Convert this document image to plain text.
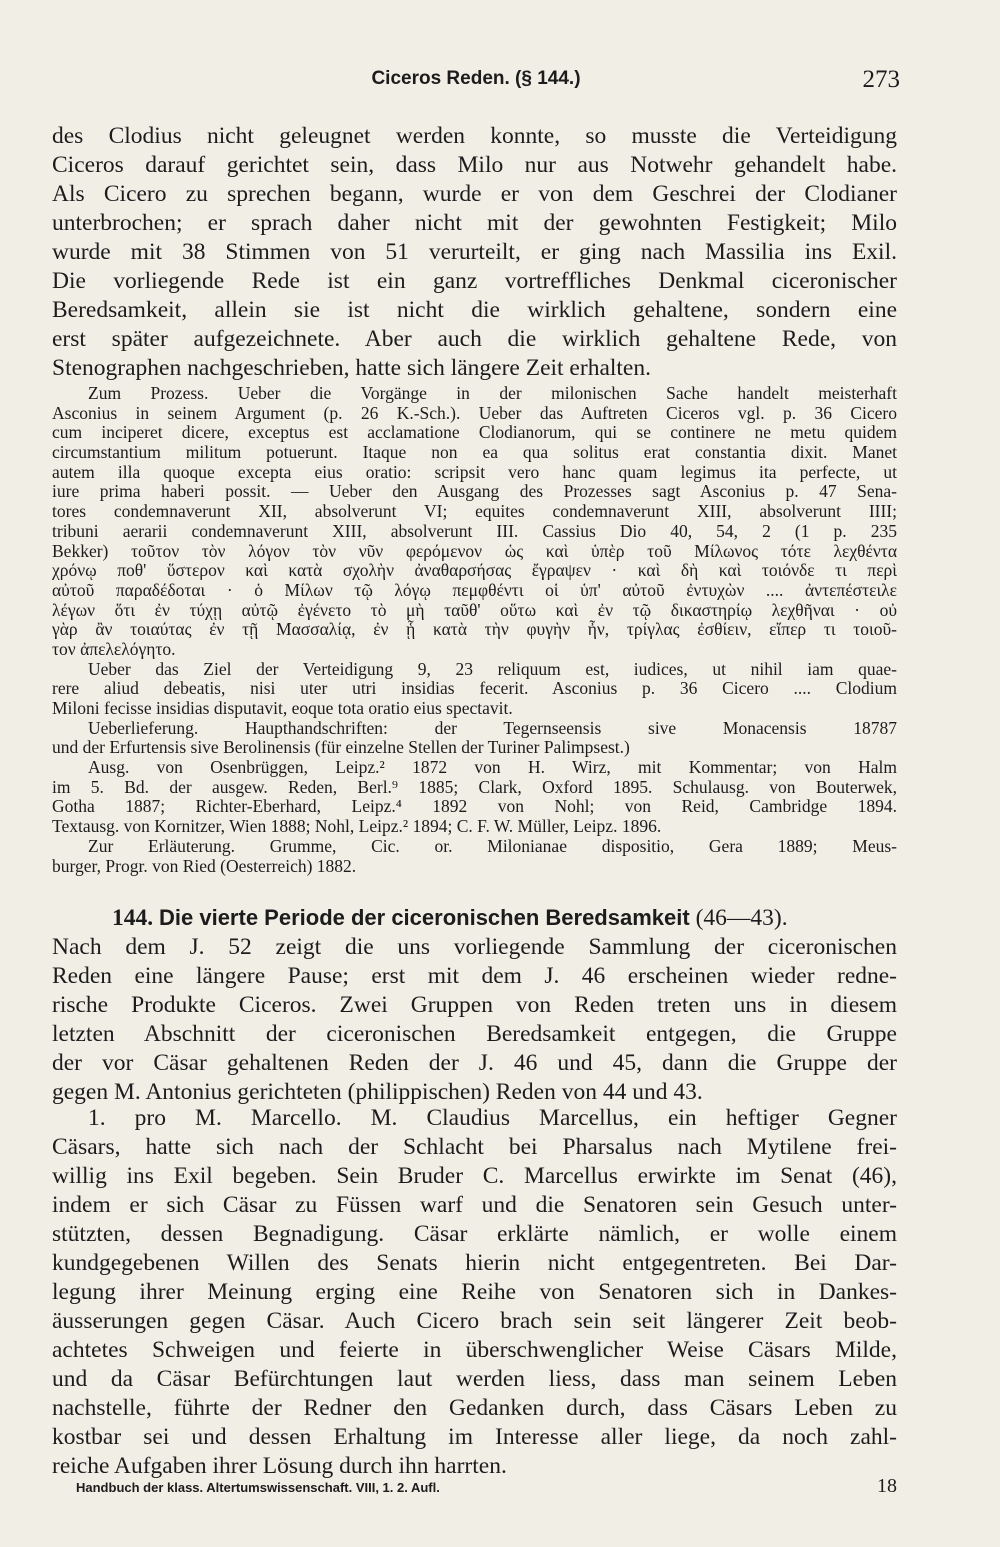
Ciceros Reden. (§ 144.)	273
des Clodius nicht geleugnet werden konnte, so musste die Verteidigung
Ciceros darauf gerichtet sein, dass Milo nur aus Notwehr gehandelt habe.
Als Cicero zu sprechen begann, wurde er von dem Geschrei der Clodianer
unterbrochen; er sprach daher nicht mit der gewohnten Festigkeit; Milo
wurde mit 38 Stimmen von 51 verurteilt, er ging nach Massilia ins Exil.
Die vorliegende Rede ist ein ganz vortreffliches Denkmal ciceronischer
Beredsamkeit, allein sie ist nicht die wirklich gehaltene, sondern eine
erst später aufgezeichnete. Aber auch die wirklich gehaltene Rede, von
Stenographen nachgeschrieben, hatte sich längere Zeit erhalten.
Zum Prozess. Ueber die Vorgänge in der milonischen Sache handelt meisterhaft
Asconius in seinem Argument (p. 26 K.-Sch.). Ueber das Auftreten Ciceros vgl. p. 36 Cicero
cum inciperet dicere, exceptus est acclamatione Clodianorum, qui se continere ne metu quidem
circumstantium militum potuerunt. Itaque non ea qua solitus erat constantia dixit. Manet
autem illa quoque excepta eius oratio: scripsit vero hanc quam legimus ita perfecte, ut
iure prima haberi possit. — Ueber den Ausgang des Prozesses sagt Asconius p. 47 Sena-
tores condemnaverunt XII, absolverunt VI; equites condemnaverunt XIII, absolverunt IIII;
tribuni aerarii condemnaverunt XIII, absolverunt III. Cassius Dio 40, 54, 2 (1 p. 235
Bekker) τοῦτον τὸν λόγον τὸν νῦν φερόμενον ὡς καὶ ὑπὲρ τοῦ Μίλωνος τότε λεχθέντα
χρόνῳ ποθ' ὕστερον καὶ κατὰ σχολὴν ἀναθαρσήσας ἔγραψεν · καὶ δὴ καὶ τοιόνδε τι περὶ
αὐτοῦ παραδέδοται · ὁ Μίλων τῷ λόγῳ πεμφθέντι οἱ ὑπ' αὐτοῦ ἐντυχὼν .... ἀντεπέστειλε
λέγων ὅτι ἐν τύχῃ αὐτῷ ἐγένετο τὸ μὴ ταῦθ' οὕτω καὶ ἐν τῷ δικαστηρίῳ λεχθῆναι · οὐ
γὰρ ἂν τοιαύτας ἐν τῇ Μασσαλίᾳ, ἐν ᾗ κατὰ τὴν φυγὴν ἦν, τρίγλας ἐσθίειν, εἴπερ τι τοιοῦ-
τον ἀπελελόγητο.
Ueber das Ziel der Verteidigung 9, 23 reliquum est, iudices, ut nihil iam quae-
rere aliud debeatis, nisi uter utri insidias fecerit. Asconius p. 36 Cicero .... Clodium
Miloni fecisse insidias disputavit, eoque tota oratio eius spectavit.
Ueberlieferung. Haupthandschriften: der Tegernseensis sive Monacensis 18787
und der Erfurtensis sive Berolinensis (für einzelne Stellen der Turiner Palimpsest.)
Ausg. von Osenbrüggen, Leipz.² 1872 von H. Wirz, mit Kommentar; von Halm
im 5. Bd. der ausgew. Reden, Berl.⁹ 1885; Clark, Oxford 1895. Schulausg. von Bouterwek,
Gotha 1887; Richter-Eberhard, Leipz.⁴ 1892 von Nohl; von Reid, Cambridge 1894.
Textausg. von Kornitzer, Wien 1888; Nohl, Leipz.² 1894; C. F. W. Müller, Leipz. 1896.
Zur Erläuterung. Grumme, Cic. or. Milonianae dispositio, Gera 1889; Meus-
burger, Progr. von Ried (Oesterreich) 1882.
144. Die vierte Periode der ciceronischen Beredsamkeit (46—43).
Nach dem J. 52 zeigt die uns vorliegende Sammlung der ciceronischen
Reden eine längere Pause; erst mit dem J. 46 erscheinen wieder redne-
rische Produkte Ciceros. Zwei Gruppen von Reden treten uns in diesem
letzten Abschnitt der ciceronischen Beredsamkeit entgegen, die Gruppe
der vor Cäsar gehaltenen Reden der J. 46 und 45, dann die Gruppe der
gegen M. Antonius gerichteten (philippischen) Reden von 44 und 43.
1. pro M. Marcello. M. Claudius Marcellus, ein heftiger Gegner
Cäsars, hatte sich nach der Schlacht bei Pharsalus nach Mytilene frei-
willig ins Exil begeben. Sein Bruder C. Marcellus erwirkte im Senat (46),
indem er sich Cäsar zu Füssen warf und die Senatoren sein Gesuch unter-
stützten, dessen Begnadigung. Cäsar erklärte nämlich, er wolle einem
kundgegebenen Willen des Senats hierin nicht entgegentreten. Bei Dar-
legung ihrer Meinung erging eine Reihe von Senatoren sich in Dankes-
äusserungen gegen Cäsar. Auch Cicero brach sein seit längerer Zeit beob-
achtetes Schweigen und feierte in überschwenglicher Weise Cäsars Milde,
und da Cäsar Befürchtungen laut werden liess, dass man seinem Leben
nachstelle, führte der Redner den Gedanken durch, dass Cäsars Leben zu
kostbar sei und dessen Erhaltung im Interesse aller liege, da noch zahl-
reiche Aufgaben ihrer Lösung durch ihn harrten.
Handbuch der klass. Altertumswissenschaft. VIII, 1. 2. Aufl.	18
